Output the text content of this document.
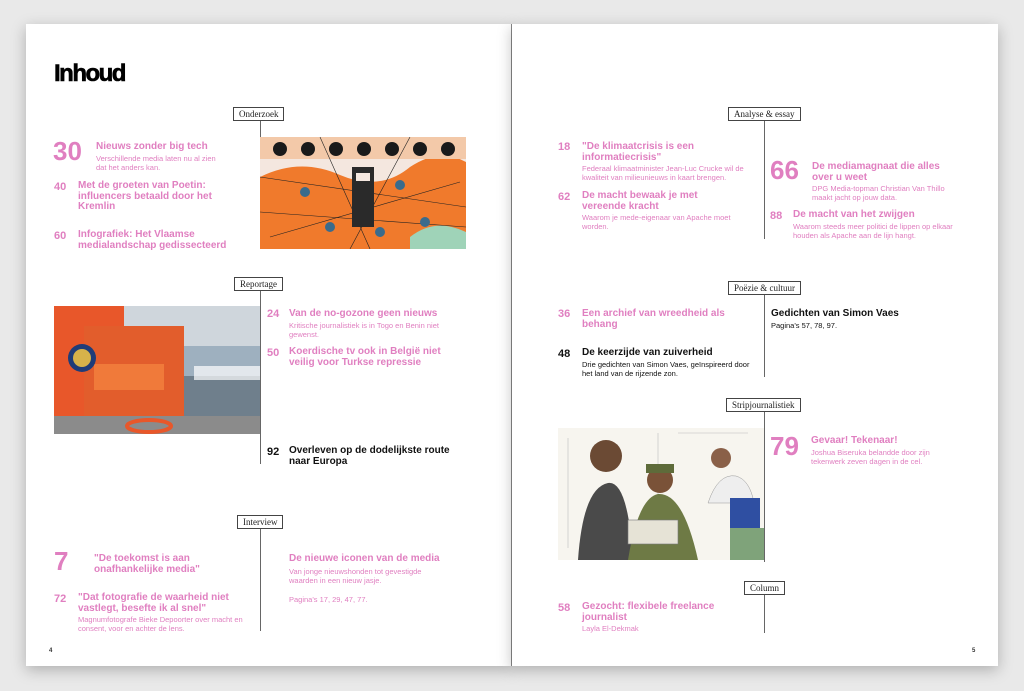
Inhoud
Onderzoek
30 Nieuws zonder big tech
Verschillende media laten nu al zien dat het anders kan.
40 Met de groeten van Poetin: influencers betaald door het Kremlin
60 Infografiek: Het Vlaamse medialandschap gedissecteerd
Reportage
24 Van de no-gozone geen nieuws
Kritische journalistiek is in Togo en Benin niet gewenst.
50 Koerdische tv ook in België niet veilig voor Turkse repressie
92 Overleven op de dodelijkste route naar Europa
Interview
7	"De toekomst is aan onafhankelijke media"
72 "Dat fotografie de waarheid niet vastlegt, besefte ik al snel"
Magnumfotografe Bieke Depoorter over macht en consent, voor en achter de lens.
De nieuwe iconen van de media
Van jonge nieuwshonden tot gevestigde waarden in een nieuw jasje.
Pagina's 17, 29, 47, 77.
4
Analyse & essay
18 "De klimaatcrisis is een informatiecrisis"
Federaal klimaatminister Jean-Luc Crucke wil de kwaliteit van milieunieuws in kaart brengen.
62 De macht bewaak je met vereende kracht
Waarom je mede-eigenaar van Apache moet worden.
66 De mediamagnaat die alles over u weet
DPG Media-topman Christian Van Thillo maakt jacht op jouw data.
88 De macht van het zwijgen
Waarom steeds meer politici de lippen op elkaar houden als Apache aan de lijn hangt.
Poëzie & cultuur
36 Een archief van wreedheid als behang
48 De keerzijde van zuiverheid
Drie gedichten van Simon Vaes, geïnspireerd door het land van de rijzende zon.
Gedichten van Simon Vaes
Pagina's 57, 78, 97.
Stripjournalistiek
79 Gevaar! Tekenaar!
Joshua Biseruka belandde door zijn tekenwerk zeven dagen in de cel.
Column
58 Gezocht: flexibele freelance journalist
Layla El-Dekmak
5
